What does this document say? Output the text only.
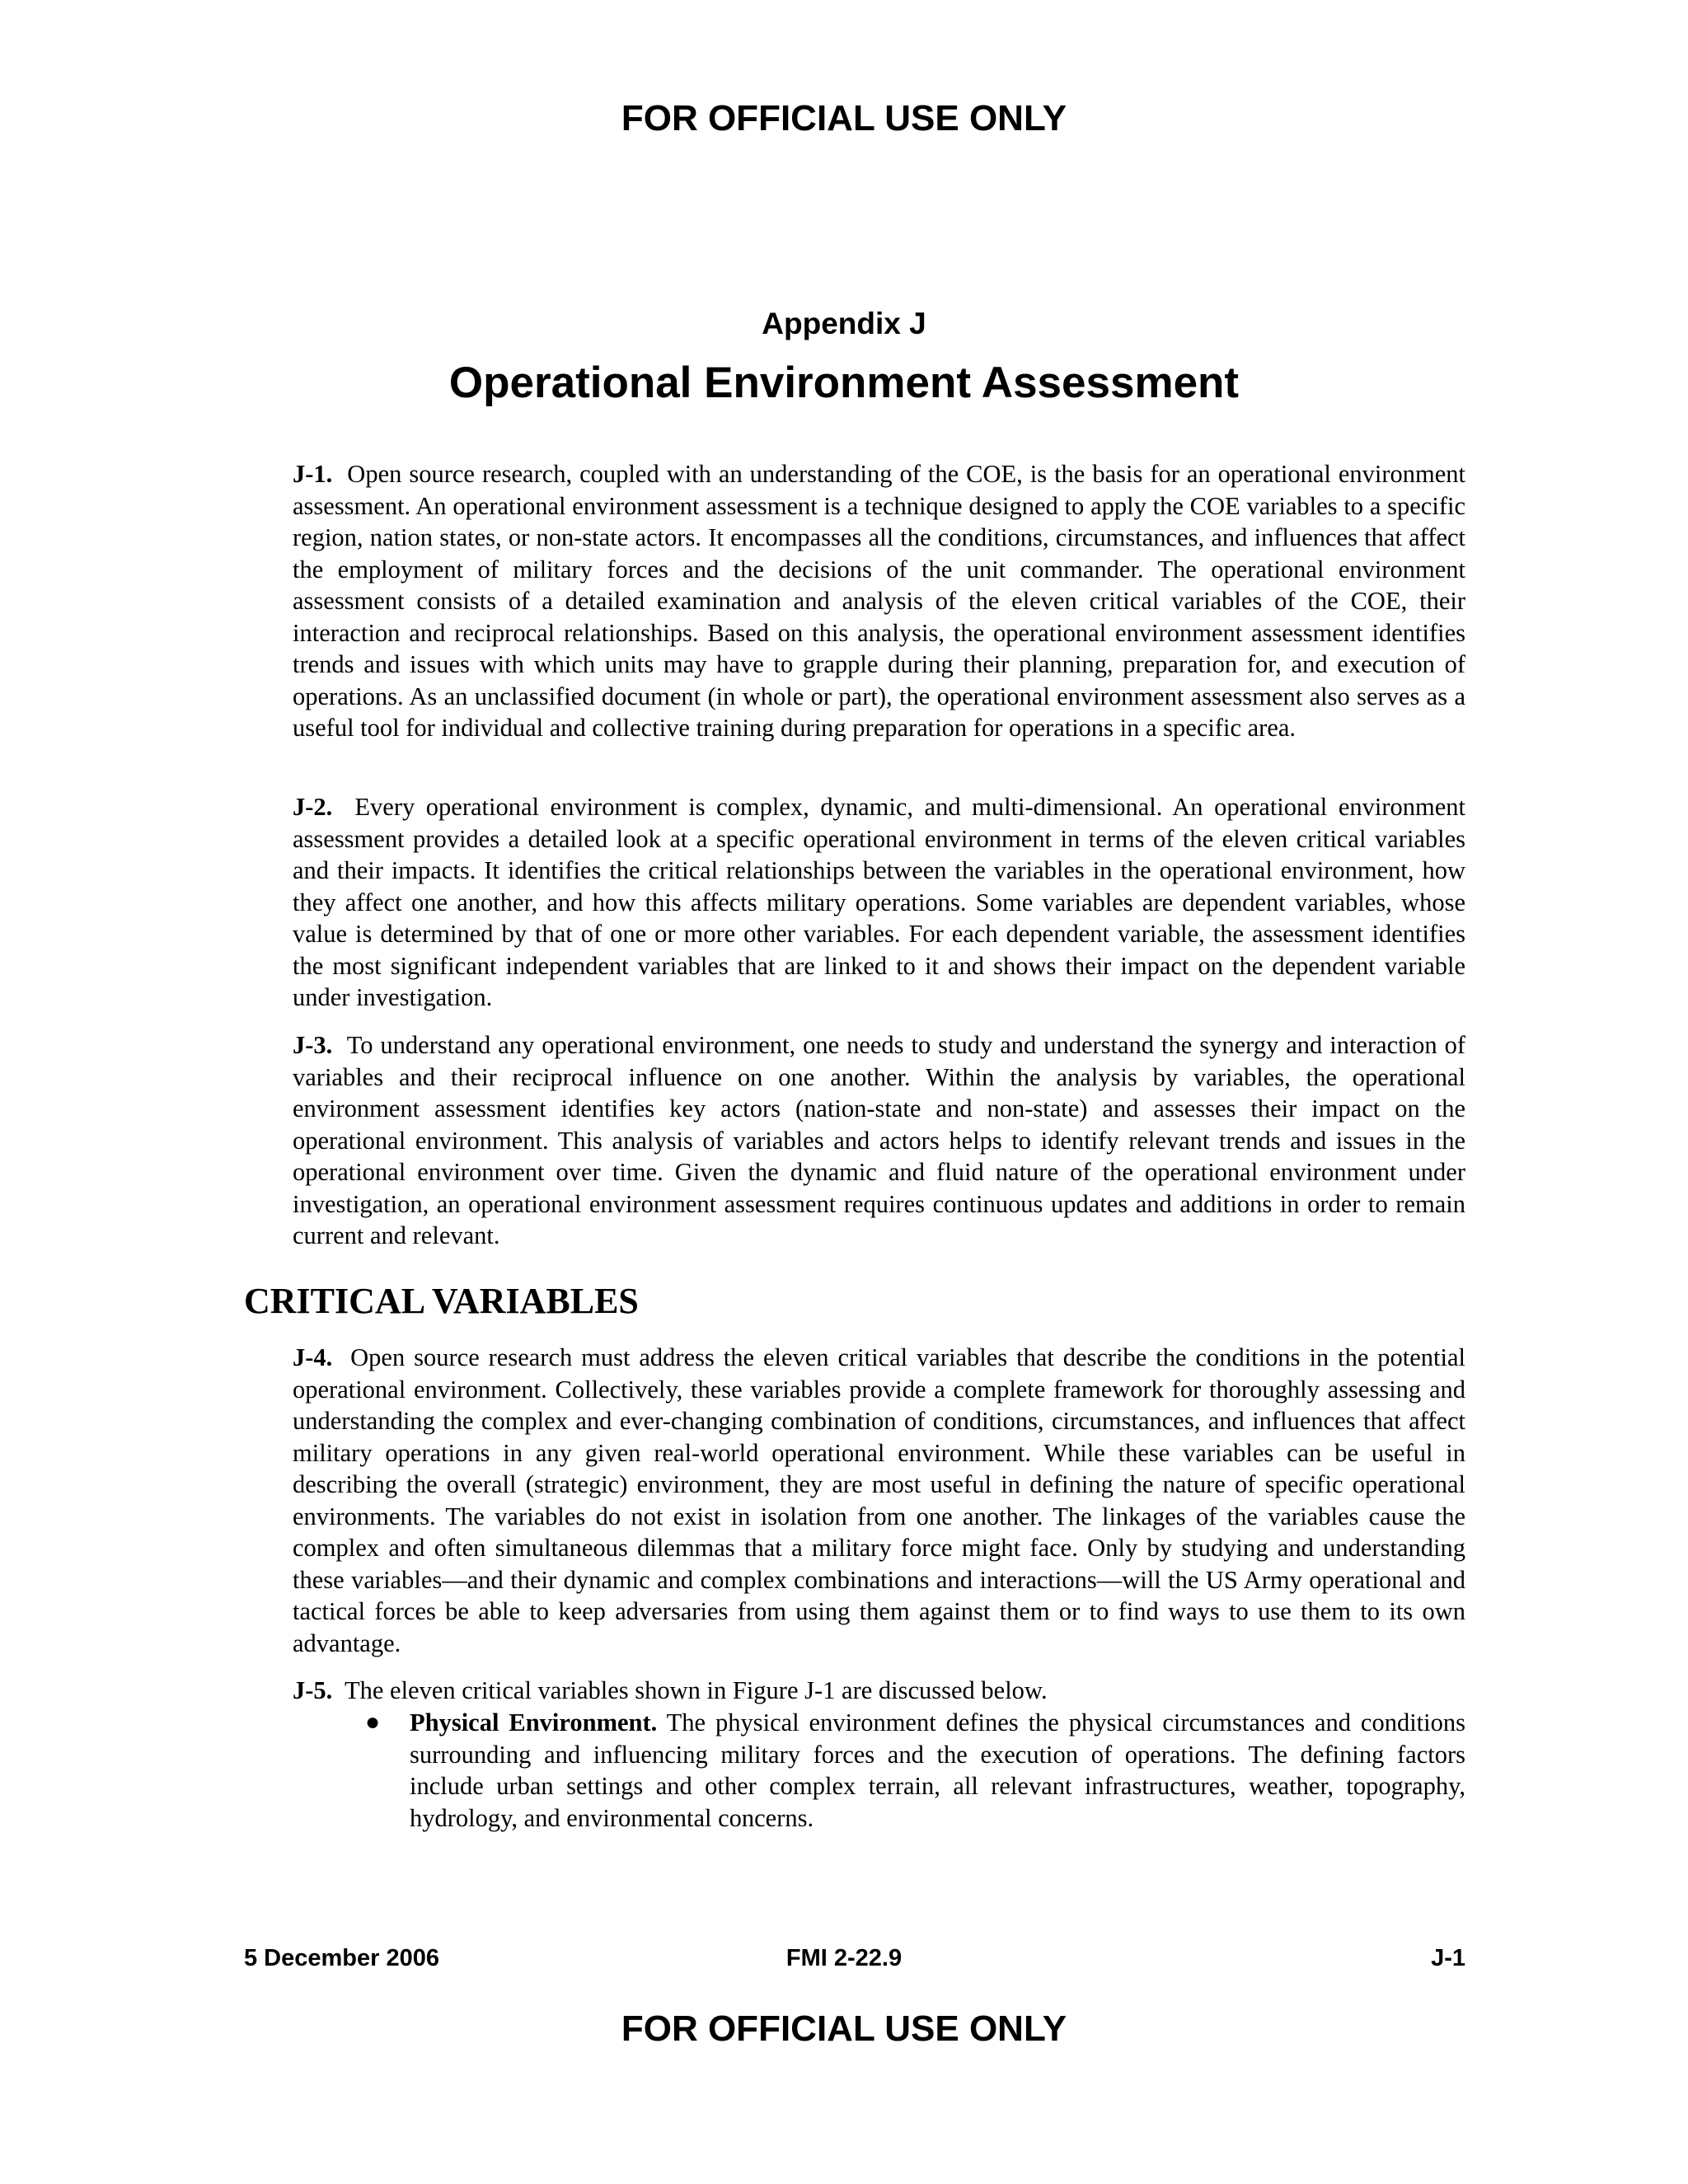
FOR OFFICIAL USE ONLY
Appendix J
Operational Environment Assessment

J-1. Open source research, coupled with an understanding of the COE, is the basis for an operational environment assessment. An operational environment assessment is a technique designed to apply the COE variables to a specific region, nation states, or non-state actors. It encompasses all the conditions, circumstances, and influences that affect the employment of military forces and the decisions of the unit commander. The operational environment assessment consists of a detailed examination and analysis of the eleven critical variables of the COE, their interaction and reciprocal relationships. Based on this analysis, the operational environment assessment identifies trends and issues with which units may have to grapple during their planning, preparation for, and execution of operations. As an unclassified document (in whole or part), the operational environment assessment also serves as a useful tool for individual and collective training during preparation for operations in a specific area.

J-2. Every operational environment is complex, dynamic, and multi-dimensional. An operational environment assessment provides a detailed look at a specific operational environment in terms of the eleven critical variables and their impacts. It identifies the critical relationships between the variables in the operational environment, how they affect one another, and how this affects military operations. Some variables are dependent variables, whose value is determined by that of one or more other variables. For each dependent variable, the assessment identifies the most significant independent variables that are linked to it and shows their impact on the dependent variable under investigation.

J-3. To understand any operational environment, one needs to study and understand the synergy and interaction of variables and their reciprocal influence on one another. Within the analysis by variables, the operational environment assessment identifies key actors (nation-state and non-state) and assesses their impact on the operational environment. This analysis of variables and actors helps to identify relevant trends and issues in the operational environment over time. Given the dynamic and fluid nature of the operational environment under investigation, an operational environment assessment requires continuous updates and additions in order to remain current and relevant.

CRITICAL VARIABLES

J-4. Open source research must address the eleven critical variables that describe the conditions in the potential operational environment. Collectively, these variables provide a complete framework for thoroughly assessing and understanding the complex and ever-changing combination of conditions, circumstances, and influences that affect military operations in any given real-world operational environment. While these variables can be useful in describing the overall (strategic) environment, they are most useful in defining the nature of specific operational environments. The variables do not exist in isolation from one another. The linkages of the variables cause the complex and often simultaneous dilemmas that a military force might face. Only by studying and understanding these variables—and their dynamic and complex combinations and interactions—will the US Army operational and tactical forces be able to keep adversaries from using them against them or to find ways to use them to its own advantage.

J-5. The eleven critical variables shown in Figure J-1 are discussed below.

● Physical Environment. The physical environment defines the physical circumstances and conditions surrounding and influencing military forces and the execution of operations. The defining factors include urban settings and other complex terrain, all relevant infrastructures, weather, topography, hydrology, and environmental concerns.
5 December 2006	FMI 2-22.9	J-1
FOR OFFICIAL USE ONLY
